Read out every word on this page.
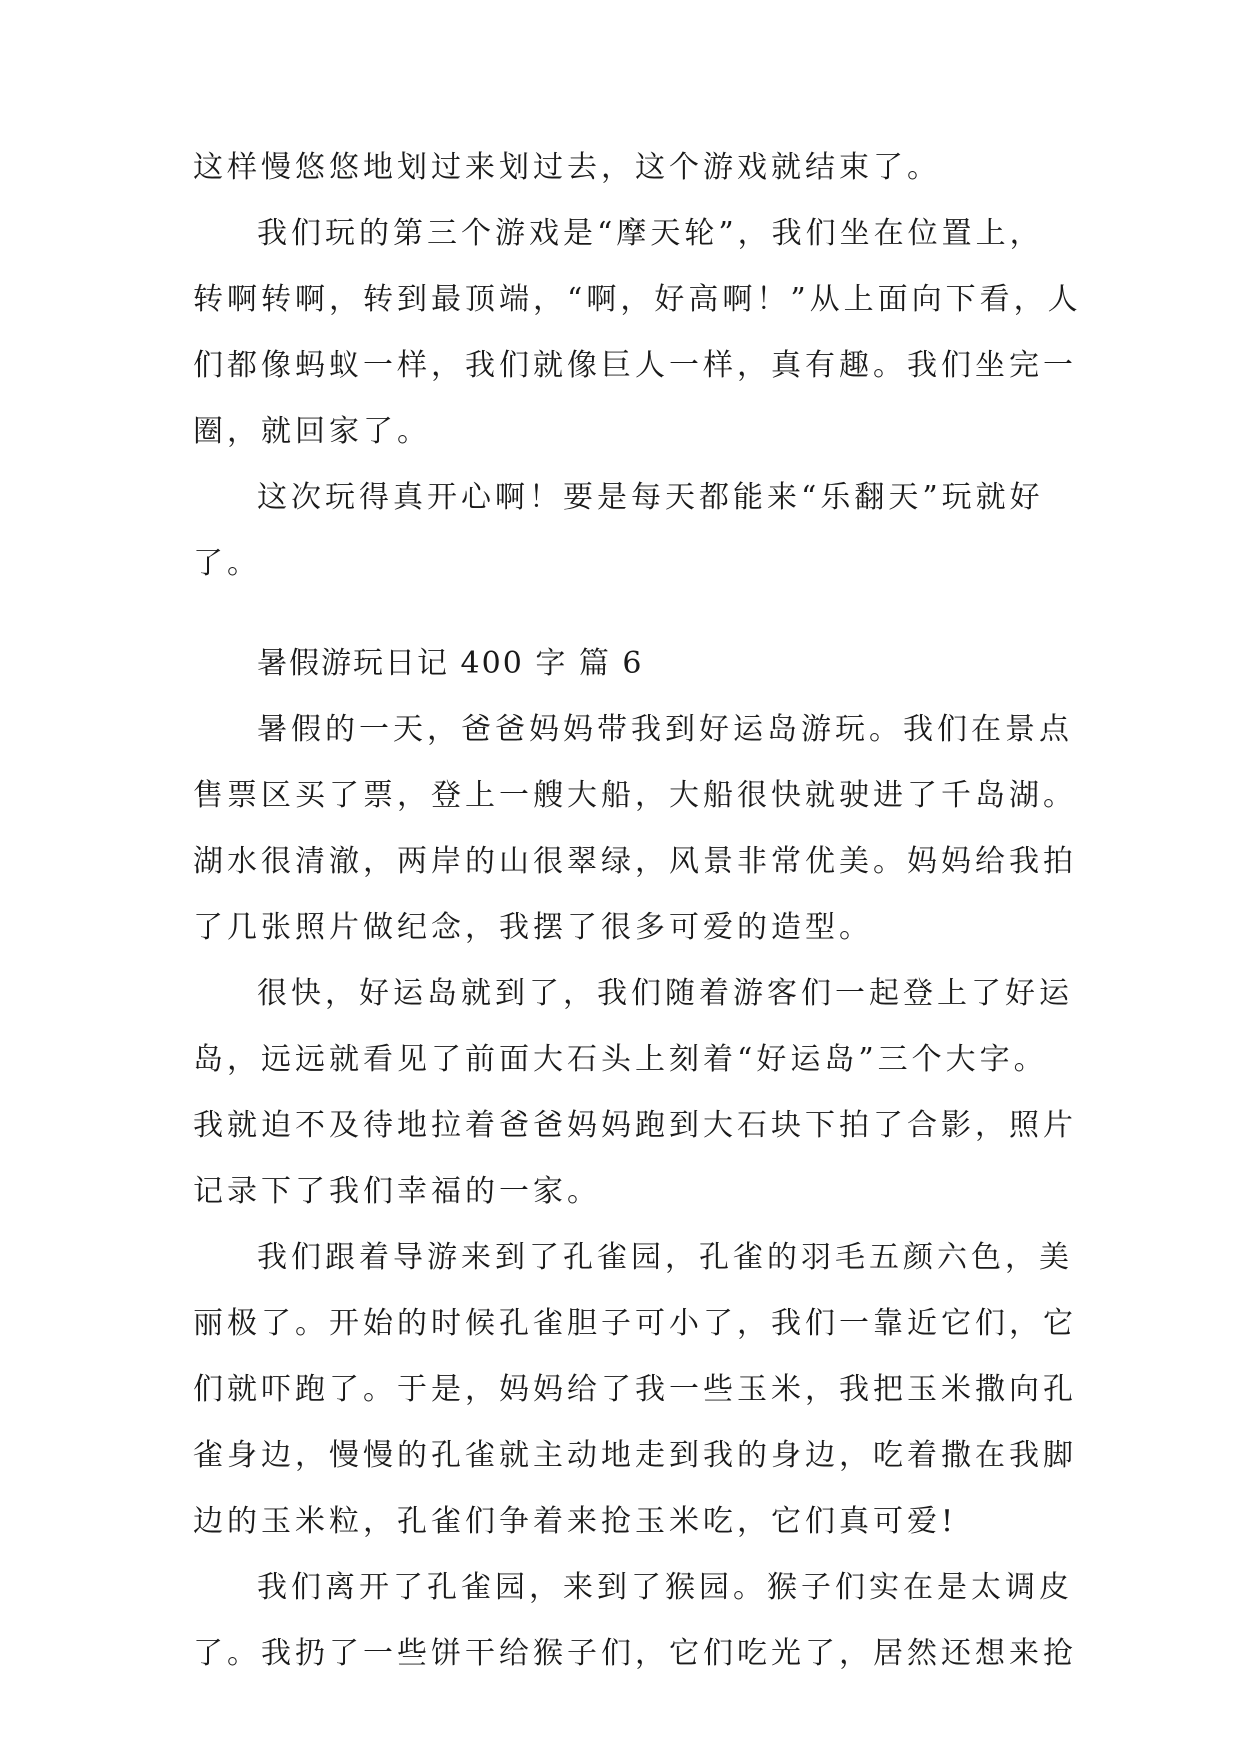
这样慢悠悠地划过来划过去，这个游戏就结束了。
我们玩的第三个游戏是“摩天轮”，我们坐在位置上，
转啊转啊，转到最顶端，“啊，好高啊！”从上面向下看，人
们都像蚂蚁一样，我们就像巨人一样，真有趣。我们坐完一
圈，就回家了。
这次玩得真开心啊！要是每天都能来“乐翻天”玩就好
了。
暑假游玩日记 400 字 篇 6
暑假的一天，爸爸妈妈带我到好运岛游玩。我们在景点
售票区买了票，登上一艘大船，大船很快就驶进了千岛湖。
湖水很清澈，两岸的山很翠绿，风景非常优美。妈妈给我拍
了几张照片做纪念，我摆了很多可爱的造型。
很快，好运岛就到了，我们随着游客们一起登上了好运
岛，远远就看见了前面大石头上刻着“好运岛”三个大字。
我就迫不及待地拉着爸爸妈妈跑到大石块下拍了合影，照片
记录下了我们幸福的一家。
我们跟着导游来到了孔雀园，孔雀的羽毛五颜六色，美
丽极了。开始的时候孔雀胆子可小了，我们一靠近它们，它
们就吓跑了。于是，妈妈给了我一些玉米，我把玉米撒向孔
雀身边，慢慢的孔雀就主动地走到我的身边，吃着撒在我脚
边的玉米粒，孔雀们争着来抢玉米吃，它们真可爱!
我们离开了孔雀园，来到了猴园。猴子们实在是太调皮
了。我扔了一些饼干给猴子们，它们吃光了，居然还想来抢
